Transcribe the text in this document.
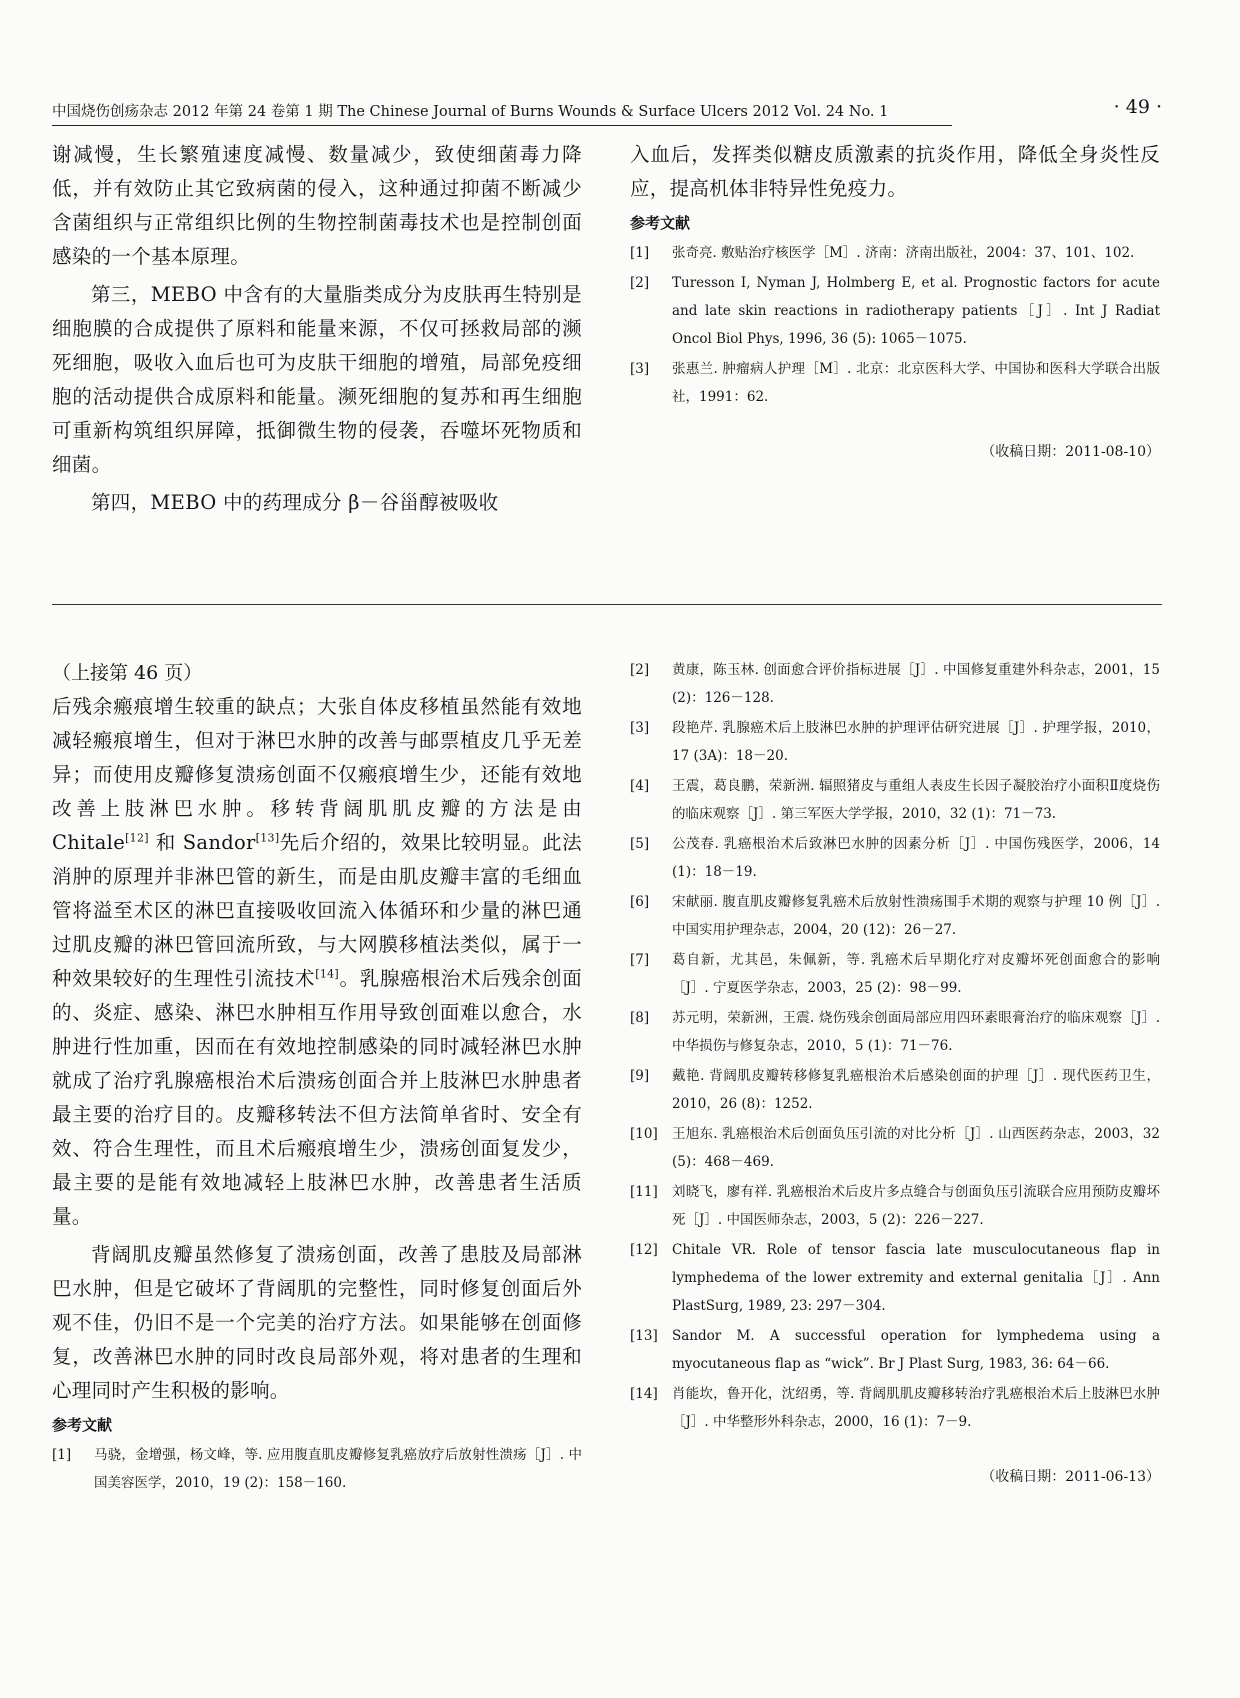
中国烧伤创疡杂志 2012 年第 24 卷第 1 期 The Chinese Journal of Burns Wounds & Surface Ulcers 2012 Vol. 24 No. 1	· 49 ·

谢减慢，生长繁殖速度减慢、数量减少，致使细菌毒力降低，并有效防止其它致病菌的侵入，这种通过抑菌不断减少含菌组织与正常组织比例的生物控制菌毒技术也是控制创面感染的一个基本原理。

第三，MEBO 中含有的大量脂类成分为皮肤再生特别是细胞膜的合成提供了原料和能量来源，不仅可拯救局部的濒死细胞，吸收入血后也可为皮肤干细胞的增殖，局部免疫细胞的活动提供合成原料和能量。濒死细胞的复苏和再生细胞可重新构筑组织屏障，抵御微生物的侵袭，吞噬坏死物质和细菌。

第四，MEBO 中的药理成分 β－谷甾醇被吸收

入血后，发挥类似糖皮质激素的抗炎作用，降低全身炎性反应，提高机体非特异性免疫力。

参考文献
[1]	张奇亮. 敷贴治疗核医学［M］. 济南：济南出版社，2004：37、101、102.
[2]	Turesson I, Nyman J, Holmberg E, et al. Prognostic factors for acute and late skin reactions in radiotherapy patients［J］. Int J Radiat Oncol Biol Phys, 1996, 36 (5): 1065－1075.
[3]	张惠兰. 肿瘤病人护理［M］. 北京：北京医科大学、中国协和医科大学联合出版社，1991：62.
（收稿日期：2011-08-10）
（上接第 46 页）

后残余瘢痕增生较重的缺点；大张自体皮移植虽然能有效地减轻瘢痕增生，但对于淋巴水肿的改善与邮票植皮几乎无差异；而使用皮瓣修复溃疡创面不仅瘢痕增生少，还能有效地改善上肢淋巴水肿。移转背阔肌肌皮瓣的方法是由 Chitale[12] 和 Sandor[13]先后介绍的，效果比较明显。此法消肿的原理并非淋巴管的新生，而是由肌皮瓣丰富的毛细血管将溢至术区的淋巴直接吸收回流入体循环和少量的淋巴通过肌皮瓣的淋巴管回流所致，与大网膜移植法类似，属于一种效果较好的生理性引流技术[14]。乳腺癌根治术后残余创面的、炎症、感染、淋巴水肿相互作用导致创面难以愈合，水肿进行性加重，因而在有效地控制感染的同时减轻淋巴水肿就成了治疗乳腺癌根治术后溃疡创面合并上肢淋巴水肿患者最主要的治疗目的。皮瓣移转法不但方法简单省时、安全有效、符合生理性，而且术后瘢痕增生少，溃疡创面复发少，最主要的是能有效地减轻上肢淋巴水肿，改善患者生活质量。

背阔肌皮瓣虽然修复了溃疡创面，改善了患肢及局部淋巴水肿，但是它破坏了背阔肌的完整性，同时修复创面后外观不佳，仍旧不是一个完美的治疗方法。如果能够在创面修复，改善淋巴水肿的同时改良局部外观，将对患者的生理和心理同时产生积极的影响。

参考文献
[1]	马骁，金增强，杨文峰，等. 应用腹直肌皮瓣修复乳癌放疗后放射性溃疡［J］. 中国美容医学，2010，19 (2)：158－160.
[2]	黄康，陈玉林. 创面愈合评价指标进展［J］. 中国修复重建外科杂志，2001，15 (2)：126－128.
[3]	段艳芹. 乳腺癌术后上肢淋巴水肿的护理评估研究进展［J］. 护理学报，2010，17 (3A)：18－20.
[4]	王震，葛良鹏，荣新洲. 辐照猪皮与重组人表皮生长因子凝胶治疗小面积Ⅱ度烧伤的临床观察［J］. 第三军医大学学报，2010，32 (1)：71－73.
[5]	公茂春. 乳癌根治术后致淋巴水肿的因素分析［J］. 中国伤残医学，2006，14 (1)：18－19.
[6]	宋献丽. 腹直肌皮瓣修复乳癌术后放射性溃疡围手术期的观察与护理 10 例［J］. 中国实用护理杂志，2004，20 (12)：26－27.
[7]	葛自新，尤其邑，朱佩新，等. 乳癌术后早期化疗对皮瓣坏死创面愈合的影响［J］. 宁夏医学杂志，2003，25 (2)：98－99.
[8]	苏元明，荣新洲，王震. 烧伤残余创面局部应用四环素眼膏治疗的临床观察［J］. 中华损伤与修复杂志，2010，5 (1)：71－76.
[9]	戴艳. 背阔肌皮瓣转移修复乳癌根治术后感染创面的护理［J］. 现代医药卫生，2010，26 (8)：1252.
[10]	王旭东. 乳癌根治术后创面负压引流的对比分析［J］. 山西医药杂志，2003，32 (5)：468－469.
[11]	刘晓飞，廖有祥. 乳癌根治术后皮片多点缝合与创面负压引流联合应用预防皮瓣坏死［J］. 中国医师杂志，2003，5 (2)：226－227.
[12]	Chitale VR. Role of tensor fascia late musculocutaneous flap in lymphedema of the lower extremity and external genitalia［J］. Ann PlastSurg, 1989, 23: 297－304.
[13]	Sandor M. A successful operation for lymphedema using a myocutaneous flap as “wick”. Br J Plast Surg, 1983, 36: 64－66.
[14]	肖能坎，鲁开化，沈绍勇，等. 背阔肌肌皮瓣移转治疗乳癌根治术后上肢淋巴水肿［J］. 中华整形外科杂志，2000，16 (1)：7－9.
（收稿日期：2011-06-13）
